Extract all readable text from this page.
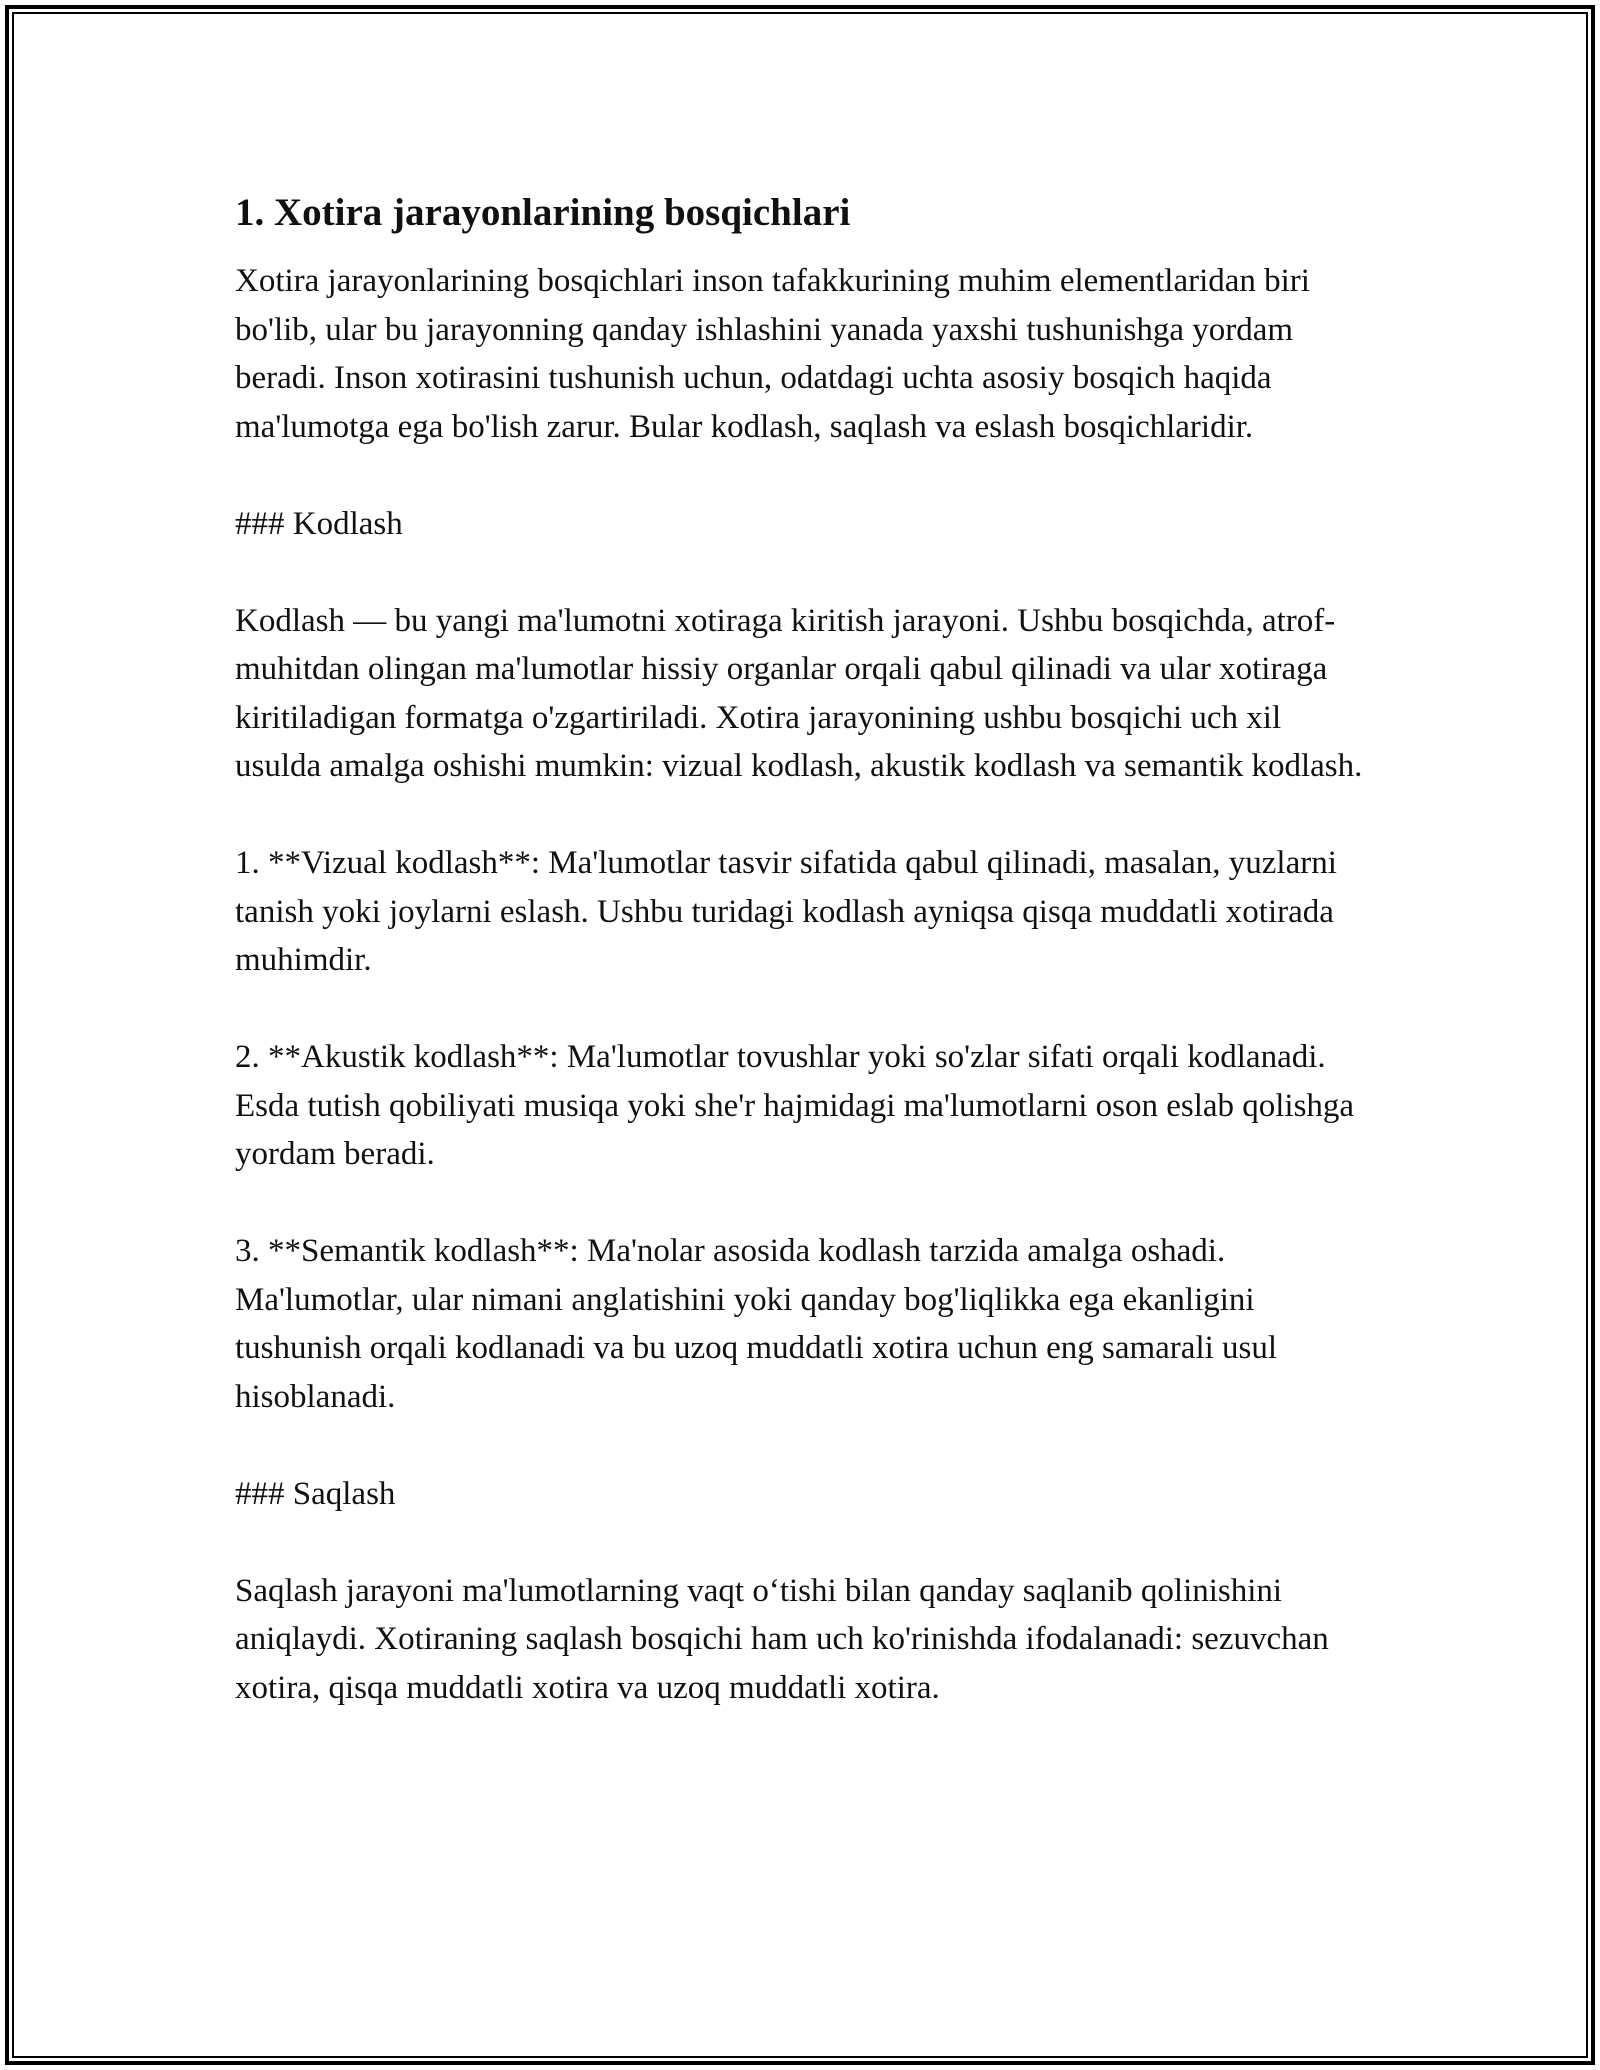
1. Xotira jarayonlarining bosqichlari
Xotira jarayonlarining bosqichlari inson tafakkurining muhim elementlaridan biri bo'lib, ular bu jarayonning qanday ishlashini yanada yaxshi tushunishga yordam beradi. Inson xotirasini tushunish uchun, odatdagi uchta asosiy bosqich haqida ma'lumotga ega bo'lish zarur. Bular kodlash, saqlash va eslash bosqichlaridir.
### Kodlash
Kodlash — bu yangi ma'lumotni xotiraga kiritish jarayoni. Ushbu bosqichda, atrof-muhitdan olingan ma'lumotlar hissiy organlar orqali qabul qilinadi va ular xotiraga kiritiladigan formatga o'zgartiriladi. Xotira jarayonining ushbu bosqichi uch xil usulda amalga oshishi mumkin: vizual kodlash, akustik kodlash va semantik kodlash.
1. **Vizual kodlash**: Ma'lumotlar tasvir sifatida qabul qilinadi, masalan, yuzlarni tanish yoki joylarni eslash. Ushbu turidagi kodlash ayniqsa qisqa muddatli xotirada muhimdir.
2. **Akustik kodlash**: Ma'lumotlar tovushlar yoki so'zlar sifati orqali kodlanadi. Esda tutish qobiliyati musiqa yoki she'r hajmidagi ma'lumotlarni oson eslab qolishga yordam beradi.
3. **Semantik kodlash**: Ma'nolar asosida kodlash tarzida amalga oshadi. Ma'lumotlar, ular nimani anglatishini yoki qanday bog'liqlikka ega ekanligini tushunish orqali kodlanadi va bu uzoq muddatli xotira uchun eng samarali usul hisoblanadi.
### Saqlash
Saqlash jarayoni ma'lumotlarning vaqt o‘tishi bilan qanday saqlanib qolinishini aniqlaydi. Xotiraning saqlash bosqichi ham uch ko'rinishda ifodalanadi: sezuvchan xotira, qisqa muddatli xotira va uzoq muddatli xotira.
